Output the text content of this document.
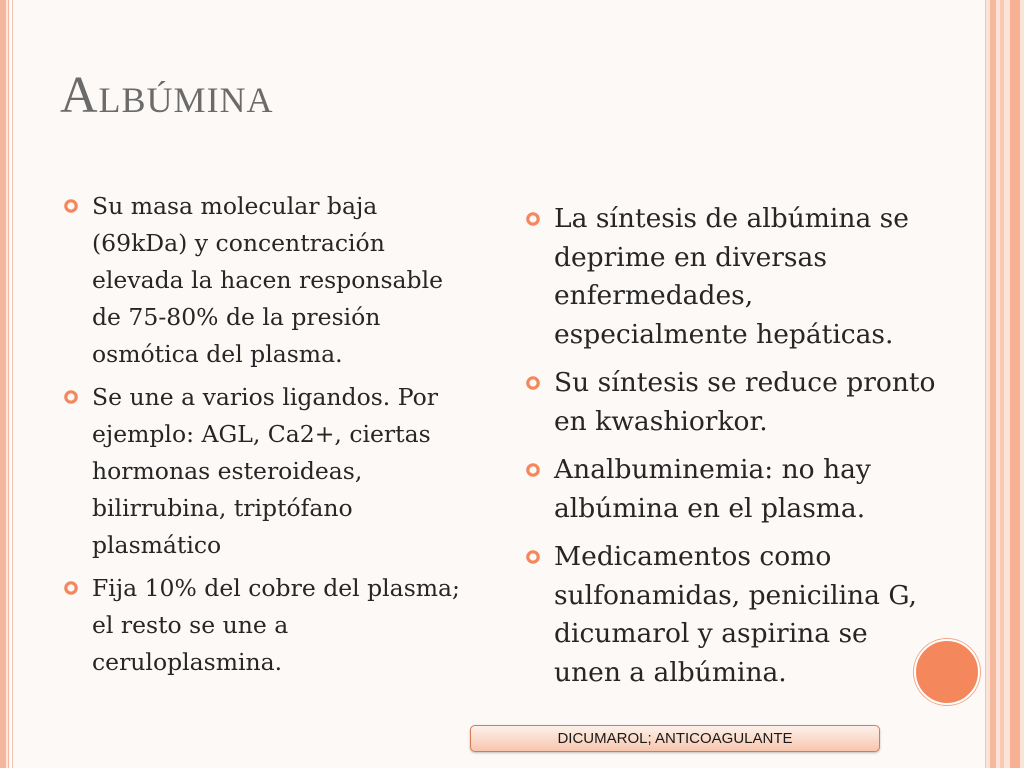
Albúmina
Su masa molecular baja (69kDa) y concentración elevada la hacen responsable de 75-80% de la presión osmótica del plasma.
Se une a varios ligandos. Por ejemplo: AGL, Ca2+, ciertas hormonas esteroideas, bilirrubina, triptófano plasmático
Fija 10% del cobre del plasma; el resto se une a ceruloplasmina.
La síntesis de albúmina se deprime en diversas enfermedades, especialmente hepáticas.
Su síntesis se reduce pronto en kwashiorkor.
Analbuminemia: no hay albúmina en el plasma.
Medicamentos como sulfonamidas, penicilina G, dicumarol y aspirina se unen a albúmina.
DICUMAROL; ANTICOAGULANTE
